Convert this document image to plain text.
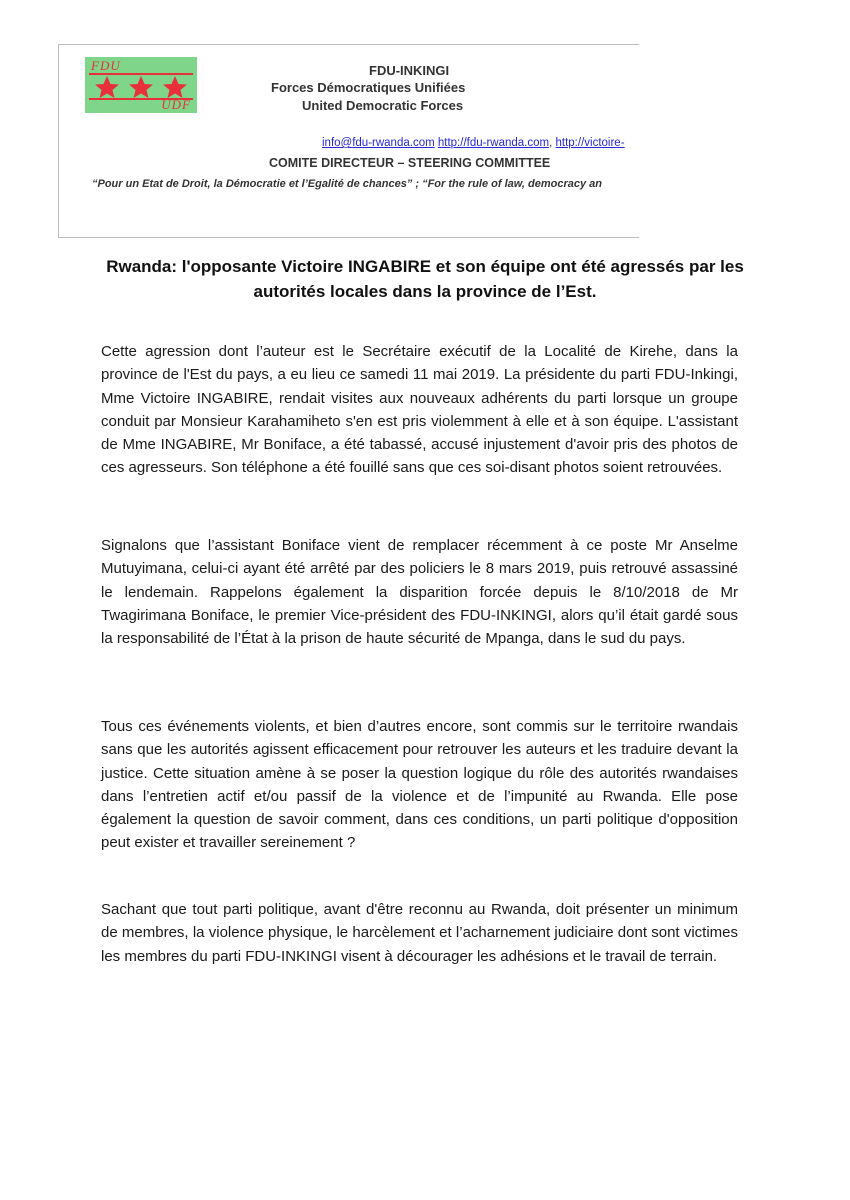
FDU
UDF
FDU-INKINGI
Forces Démocratiques Unifiées
United Democratic Forces
info@fdu-rwanda.com http://fdu-rwanda.com, http://victoire-
COMITE DIRECTEUR – STEERING COMMITTEE
“Pour un Etat de Droit, la Démocratie et l’Egalité de chances” ; “For the rule of law, democracy an
Rwanda: l'opposante Victoire INGABIRE et son équipe ont été agressés par les autorités locales dans la province de l’Est.

Cette agression dont l’auteur est le Secrétaire exécutif de la Localité de Kirehe, dans la province de l'Est du pays, a eu lieu ce samedi 11 mai 2019. La présidente du parti FDU-Inkingi, Mme Victoire INGABIRE, rendait visites aux nouveaux adhérents du parti lorsque un groupe conduit par Monsieur Karahamiheto s'en est pris violemment à elle et à son équipe. L'assistant de Mme INGABIRE, Mr Boniface, a été tabassé, accusé injustement d'avoir pris des photos de ces agresseurs. Son téléphone a été fouillé sans que ces soi-disant photos soient retrouvées.

Signalons que l’assistant Boniface vient de remplacer récemment à ce poste Mr Anselme Mutuyimana, celui-ci ayant été arrêté par des policiers le 8 mars 2019, puis retrouvé assassiné le lendemain. Rappelons également la disparition forcée depuis le 8/10/2018 de Mr Twagirimana Boniface, le premier Vice-président des FDU-INKINGI, alors qu’il était gardé sous la responsabilité de l’État à la prison de haute sécurité de Mpanga, dans le sud du pays.

Tous ces événements violents, et bien d’autres encore, sont commis sur le territoire rwandais sans que les autorités agissent efficacement pour retrouver les auteurs et les traduire devant la justice. Cette situation amène à se poser la question logique du rôle des autorités rwandaises dans l’entretien actif et/ou passif de la violence et de l’impunité au Rwanda. Elle pose également la question de savoir comment, dans ces conditions, un parti politique d'opposition peut exister et travailler sereinement ?

Sachant que tout parti politique, avant d'être reconnu au Rwanda, doit présenter un minimum de membres, la violence physique, le harcèlement et l’acharnement judiciaire dont sont victimes les membres du parti FDU-INKINGI visent à décourager les adhésions et le travail de terrain.
